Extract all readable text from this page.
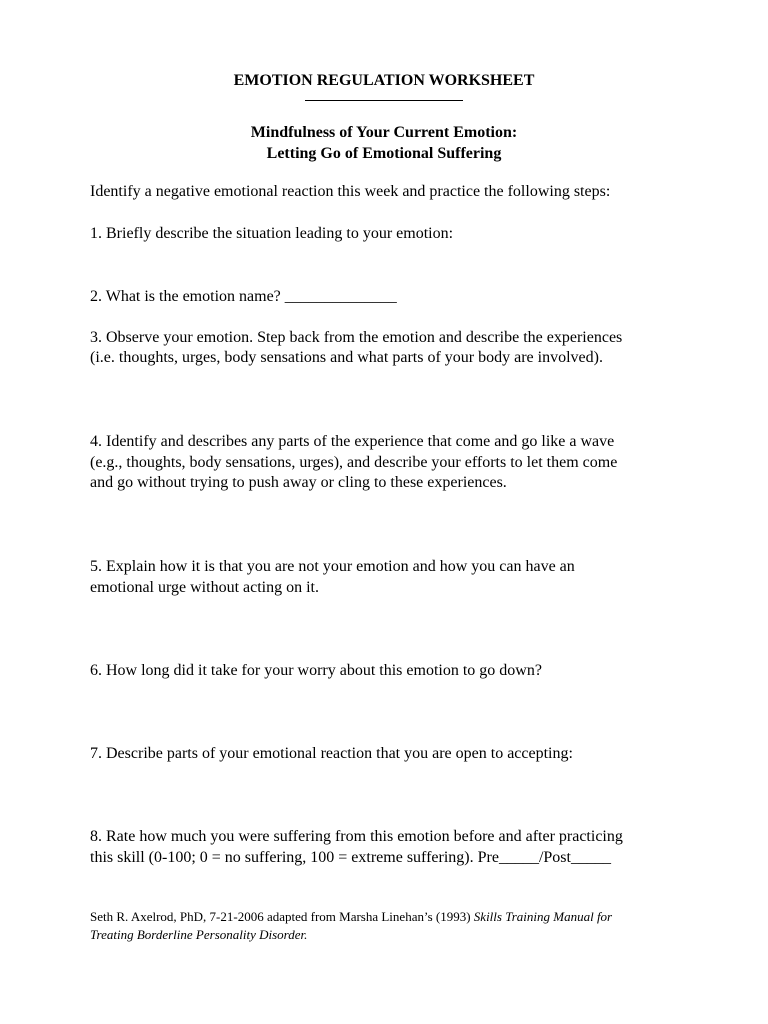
EMOTION REGULATION WORKSHEET

Mindfulness of Your Current Emotion:

Letting Go of Emotional Suffering

Identify a negative emotional reaction this week and practice the following steps:

1. Briefly describe the situation leading to your emotion:

2. What is the emotion name? ______________

3. Observe your emotion. Step back from the emotion and describe the experiences

(i.e. thoughts, urges, body sensations and what parts of your body are involved).

4. Identify and describes any parts of the experience that come and go like a wave

(e.g., thoughts, body sensations, urges), and describe your efforts to let them come

and go without trying to push away or cling to these experiences.

5. Explain how it is that you are not your emotion and how you can have an

emotional urge without acting on it.

6. How long did it take for your worry about this emotion to go down?

7. Describe parts of your emotional reaction that you are open to accepting:

8. Rate how much you were suffering from this emotion before and after practicing

this skill (0-100; 0 = no suffering, 100 = extreme suffering). Pre_____/Post_____

Seth R. Axelrod, PhD, 7-21-2006 adapted from Marsha Linehan’s (1993) Skills Training Manual for

Treating Borderline Personality Disorder.
